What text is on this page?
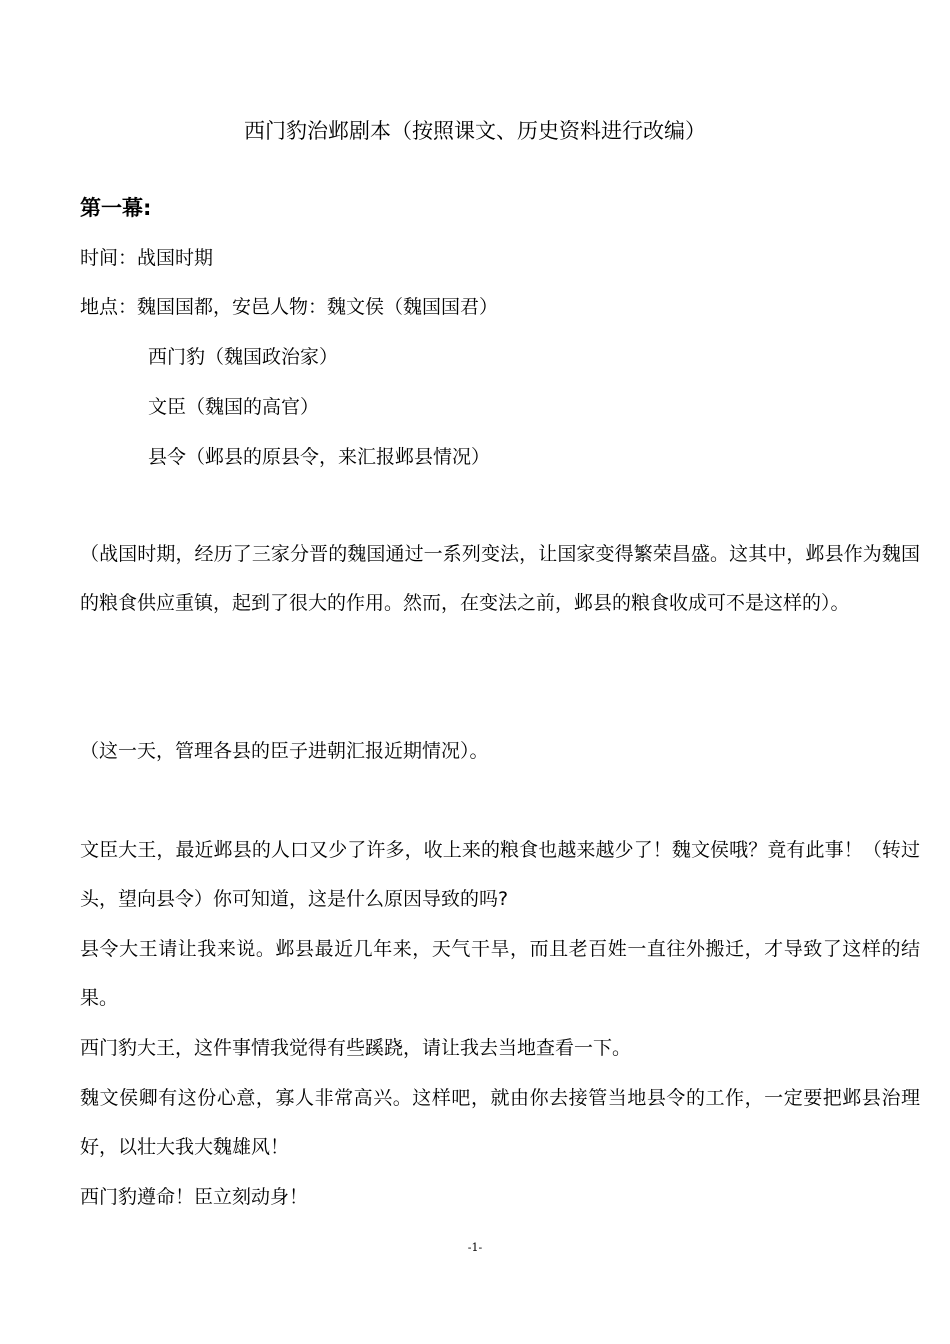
西门豹治邺剧本（按照课文、历史资料进行改编）
第一幕:
时间：战国时期
地点：魏国国都，安邑人物：魏文侯（魏国国君）
西门豹（魏国政治家）
文臣（魏国的高官）
县令（邺县的原县令，来汇报邺县情况）
（战国时期，经历了三家分晋的魏国通过一系列变法，让国家变得繁荣昌盛。这其中，邺县作为魏国的粮食供应重镇，起到了很大的作用。然而，在变法之前，邺县的粮食收成可不是这样的）。
（这一天，管理各县的臣子进朝汇报近期情况）。
文臣大王，最近邺县的人口又少了许多，收上来的粮食也越来越少了！魏文侯哦？竟有此事！（转过头，望向县令）你可知道，这是什么原因导致的吗?
县令大王请让我来说。邺县最近几年来，天气干旱，而且老百姓一直往外搬迁，才导致了这样的结果。
西门豹大王，这件事情我觉得有些蹊跷，请让我去当地查看一下。
魏文侯卿有这份心意，寡人非常高兴。这样吧，就由你去接管当地县令的工作，一定要把邺县治理好，以壮大我大魏雄风！
西门豹遵命！臣立刻动身！
-1-
